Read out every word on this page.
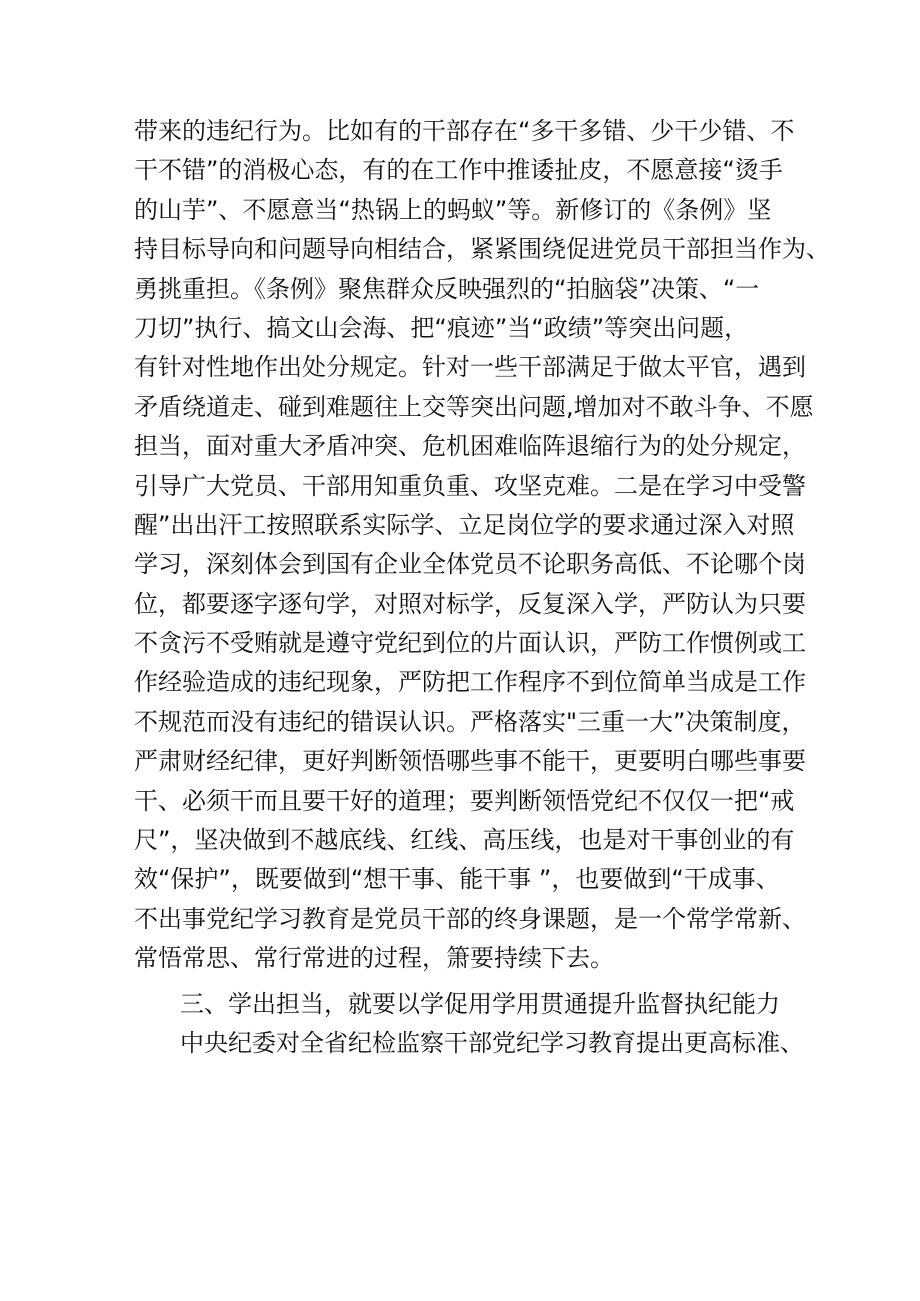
带来的违纪行为。比如有的干部存在“多干多错、少干少错、不
干不错”的消极心态，有的在工作中推诿扯皮，不愿意接“烫手
的山芋”、不愿意当“热锅上的蚂蚁”等。新修订的《条例》坚
持目标导向和问题导向相结合，紧紧围绕促进党员干部担当作为、
勇挑重担。《条例》聚焦群众反映强烈的“拍脑袋”决策、“一
刀切”执行、搞文山会海、把“痕迹”当“政绩”等突出问题，
有针对性地作出处分规定。针对一些干部满足于做太平官，遇到
矛盾绕道走、碰到难题往上交等突出问题,增加对不敢斗争、不愿
担当，面对重大矛盾冲突、危机困难临阵退缩行为的处分规定，
引导广大党员、干部用知重负重、攻坚克难。二是在学习中受警
醒”出出汗工按照联系实际学、立足岗位学的要求通过深入对照
学习，深刻体会到国有企业全体党员不论职务高低、不论哪个岗
位，都要逐字逐句学，对照对标学，反复深入学，严防认为只要
不贪污不受贿就是遵守党纪到位的片面认识，严防工作惯例或工
作经验造成的违纪现象，严防把工作程序不到位简单当成是工作
不规范而没有违纪的错误认识。严格落实"三重一大”决策制度，
严肃财经纪律，更好判断领悟哪些事不能干，更要明白哪些事要
干、必须干而且要干好的道理；要判断领悟党纪不仅仅一把“戒
尺”，坚决做到不越底线、红线、高压线，也是对干事创业的有
效“保护”，既要做到“想干事、能干事 ”，也要做到“干成事、
不出事党纪学习教育是党员干部的终身课题，是一个常学常新、
常悟常思、常行常进的过程，箫要持续下去。
三、学出担当，就要以学促用学用贯通提升监督执纪能力
中央纪委对全省纪检监察干部党纪学习教育提出更高标准、
